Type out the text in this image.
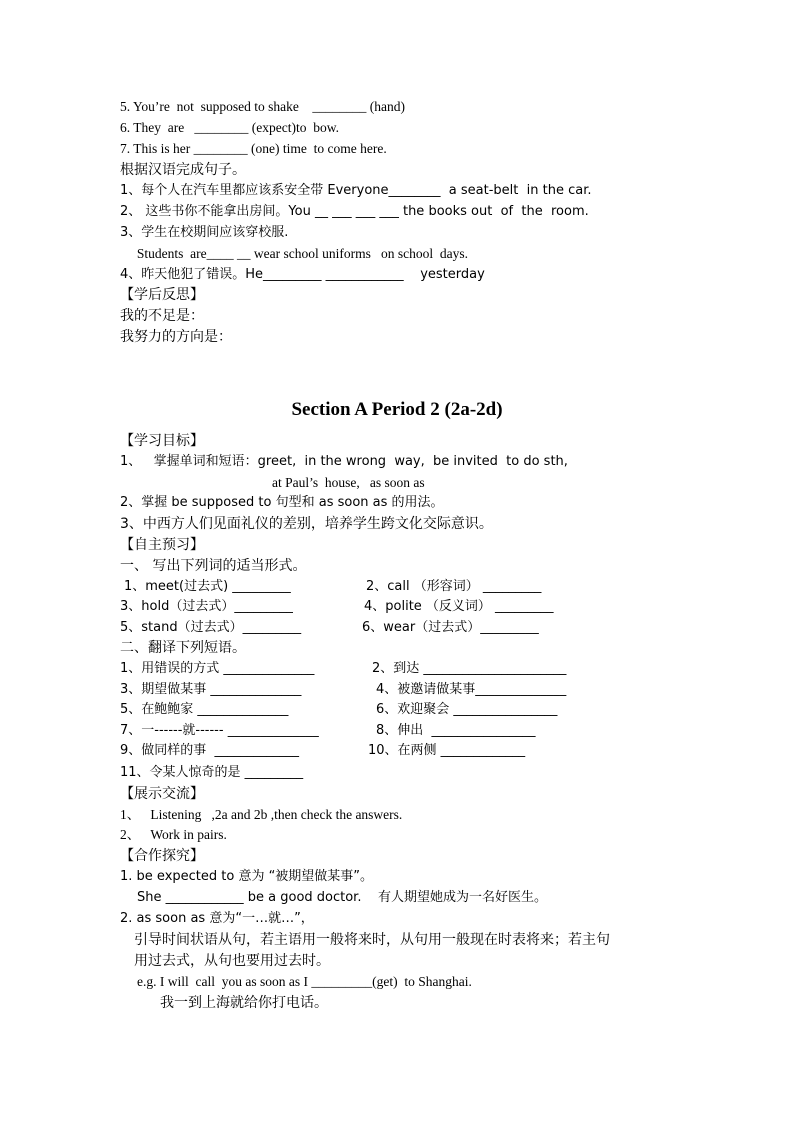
5. You’re  not  supposed to shake    ________ (hand)
6. They  are   ________ (expect)to  bow.
7. This is her ________ (one) time  to come here.
根据汉语完成句子。
1、每个人在汽车里都应该系安全带 Everyone________  a seat-belt  in the car.
2、 这些书你不能拿出房间。You __ ___ ___ ___ the books out  of  the  room.
3、学生在校期间应该穿校服.
Students  are____ __ wear school uniforms   on school  days.
4、昨天他犯了错误。He_________ ____________    yesterday
【学后反思】
我的不足是：
我努力的方向是：
Section A Period 2 (2a-2d)
【学习目标】
1、   掌握单词和短语：greet,  in the wrong  way,  be invited  to do sth,
at Paul’s  house,   as soon as
2、掌握 be supposed to 句型和 as soon as 的用法。
3、中西方人们见面礼仪的差别，培养学生跨文化交际意识。
【自主预习】
一、 写出下列词的适当形式。
1、meet(过去式) _________	2、call （形容词） _________
3、hold（过去式）_________	4、polite （反义词） _________
5、stand（过去式）_________	6、wear（过去式）_________
二、翻译下列短语。
1、用错误的方式 ______________	2、到达 ______________________
3、期望做某事 ______________	4、被邀请做某事______________
5、在鲍鲍家 ______________	6、欢迎聚会 ________________
7、一------就------ ______________	8、伸出  ________________
9、做同样的事  _____________	10、在两侧 _____________
11、令某人惊奇的是 _________
【展示交流】
1、   Listening   ,2a and 2b ,then check the answers.
2、   Work in pairs.
【合作探究】
1. be expected to 意为 “被期望做某事”。
She ____________ be a good doctor.    有人期望她成为一名好医生。
2. as soon as 意为“一…就…”，
引导时间状语从句，若主语用一般将来时，从句用一般现在时表将来；若主句
用过去式，从句也要用过去时。
e.g. I will  call  you as soon as I _________(get)  to Shanghai.
我一到上海就给你打电话。
